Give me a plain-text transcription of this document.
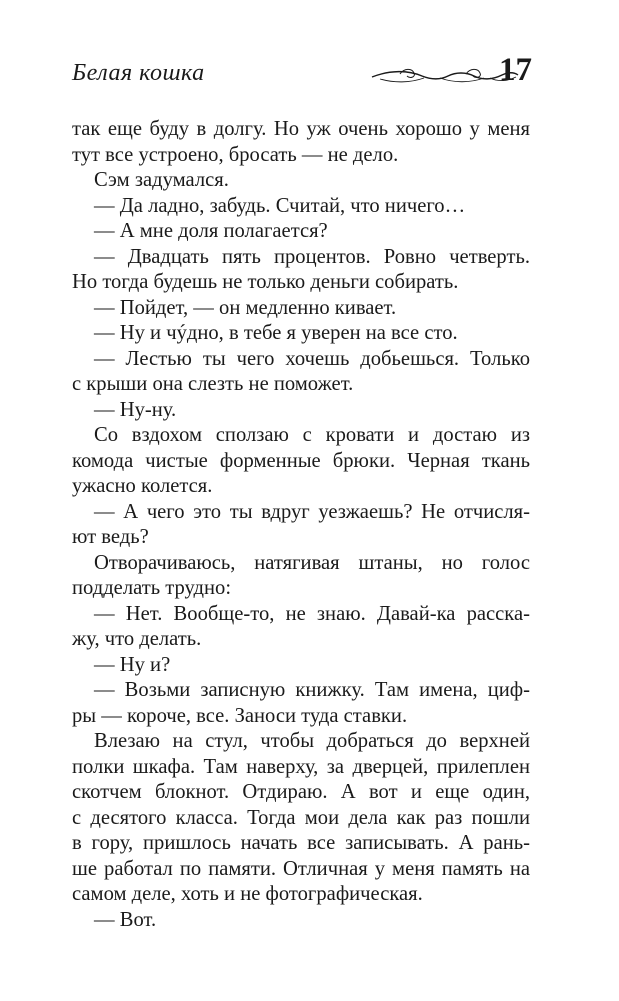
Белая кошка	17
так еще буду в долгу. Но уж очень хорошо у меня
тут все устроено, бросать — не дело.
Сэм задумался.
— Да ладно, забудь. Считай, что ничего…
— А мне доля полагается?
— Двадцать пять процентов. Ровно четверть.
Но тогда будешь не только деньги собирать.
— Пойдет, — он медленно кивает.
— Ну и чýдно, в тебе я уверен на все сто.
— Лестью ты чего хочешь добьешься. Только
с крыши она слезть не поможет.
— Ну-ну.
Со вздохом сползаю с кровати и достаю из
комода чистые форменные брюки. Черная ткань
ужасно колется.
— А чего это ты вдруг уезжаешь? Не отчисля-
ют ведь?
Отворачиваюсь, натягивая штаны, но голос
подделать трудно:
— Нет. Вообще-то, не знаю. Давай-ка расска-
жу, что делать.
— Ну и?
— Возьми записную книжку. Там имена, циф-
ры — короче, все. Заноси туда ставки.
Влезаю на стул, чтобы добраться до верхней
полки шкафа. Там наверху, за дверцей, прилеплен
скотчем блокнот. Отдираю. А вот и еще один,
с десятого класса. Тогда мои дела как раз пошли
в гору, пришлось начать все записывать. А рань-
ше работал по памяти. Отличная у меня память на
самом деле, хоть и не фотографическая.
— Вот.
